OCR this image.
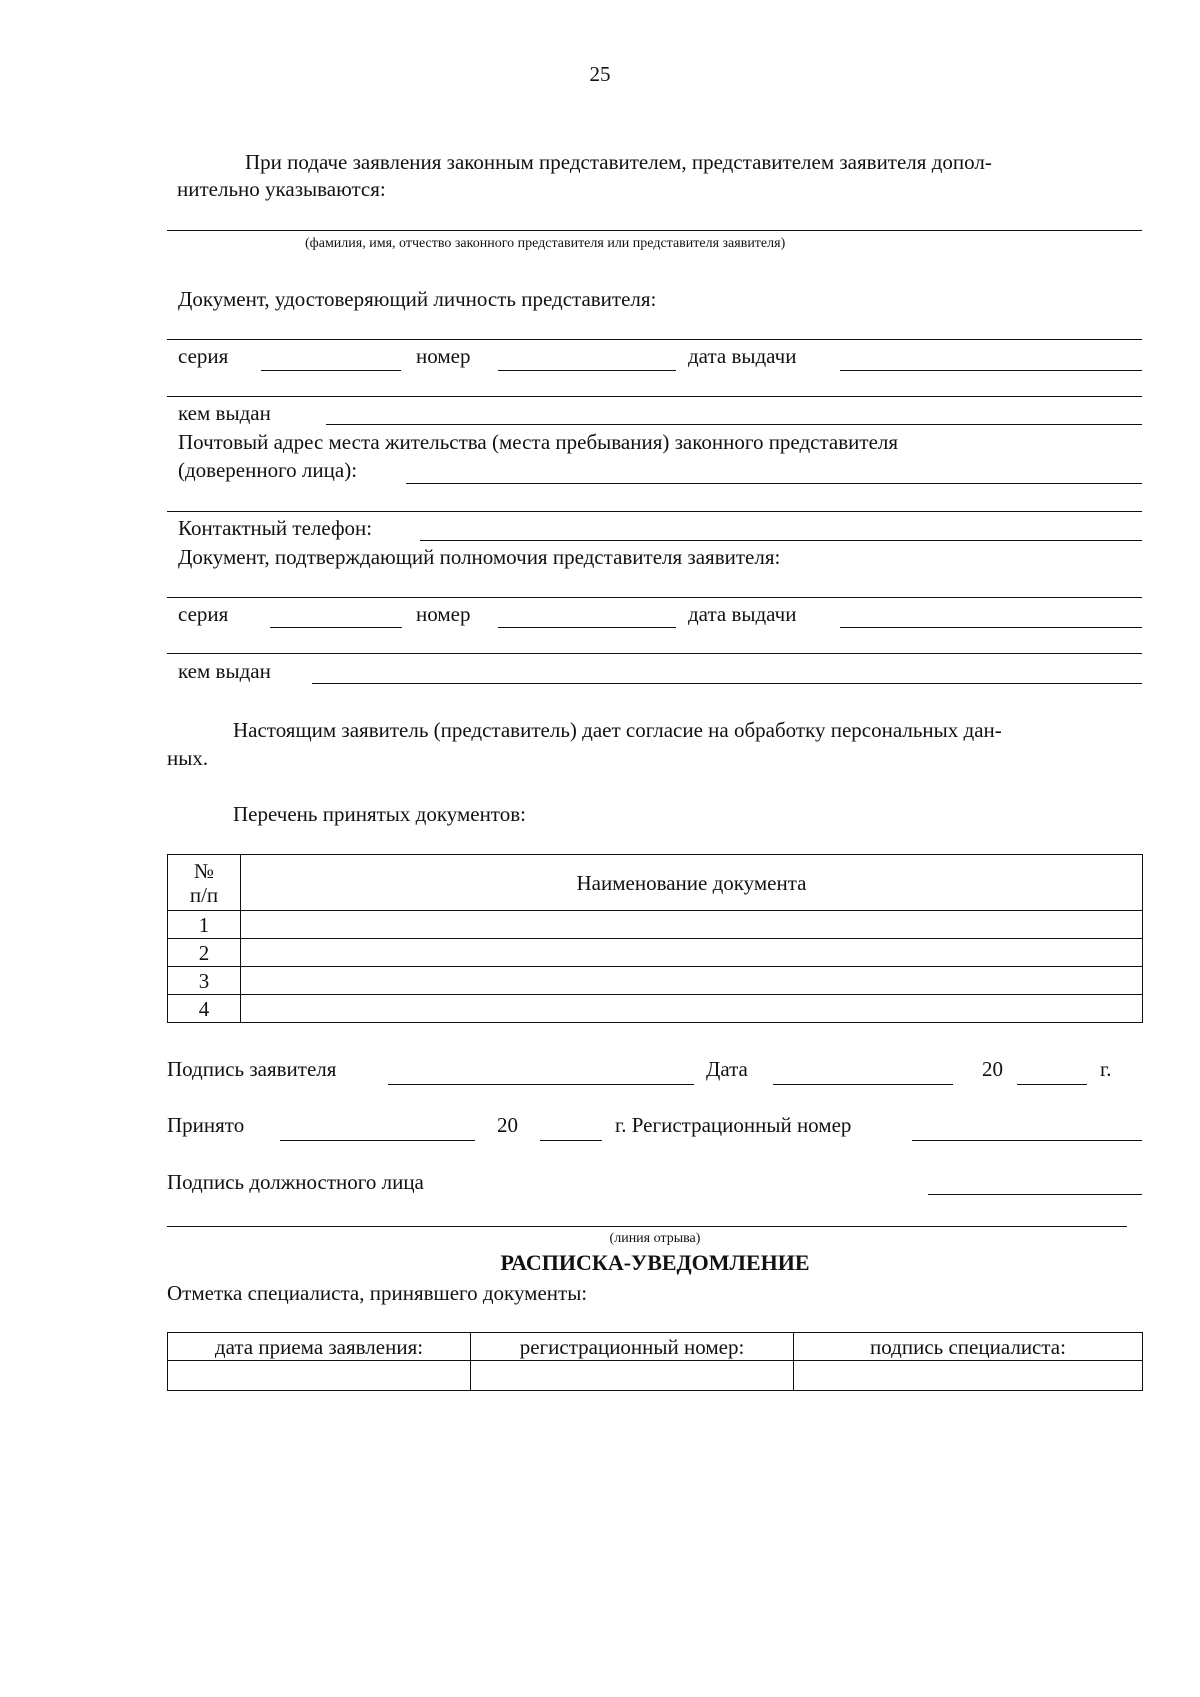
25
При подаче заявления законным представителем, представителем заявителя допол-
нительно указываются:
(фамилия, имя, отчество законного представителя или представителя заявителя)
Документ, удостоверяющий личность представителя:
серия	номер	дата выдачи
кем выдан
Почтовый адрес места жительства (места пребывания) законного представителя
(доверенного лица):
Контактный телефон:
Документ, подтверждающий полномочия представителя заявителя:
серия	номер	дата выдачи
кем выдан
Настоящим заявитель (представитель) дает согласие на обработку персональных дан-
ных.
Перечень принятых документов:
№
п/п	Наименование документа
1	
2	
3	
4	
Подпись заявителя	Дата	20	г.
Принято	20	г. Регистрационный номер
Подпись должностного лица
(линия отрыва)
РАСПИСКА-УВЕДОМЛЕНИЕ
Отметка специалиста, принявшего документы:
дата приема заявления:	регистрационный номер:	подпись специалиста:
